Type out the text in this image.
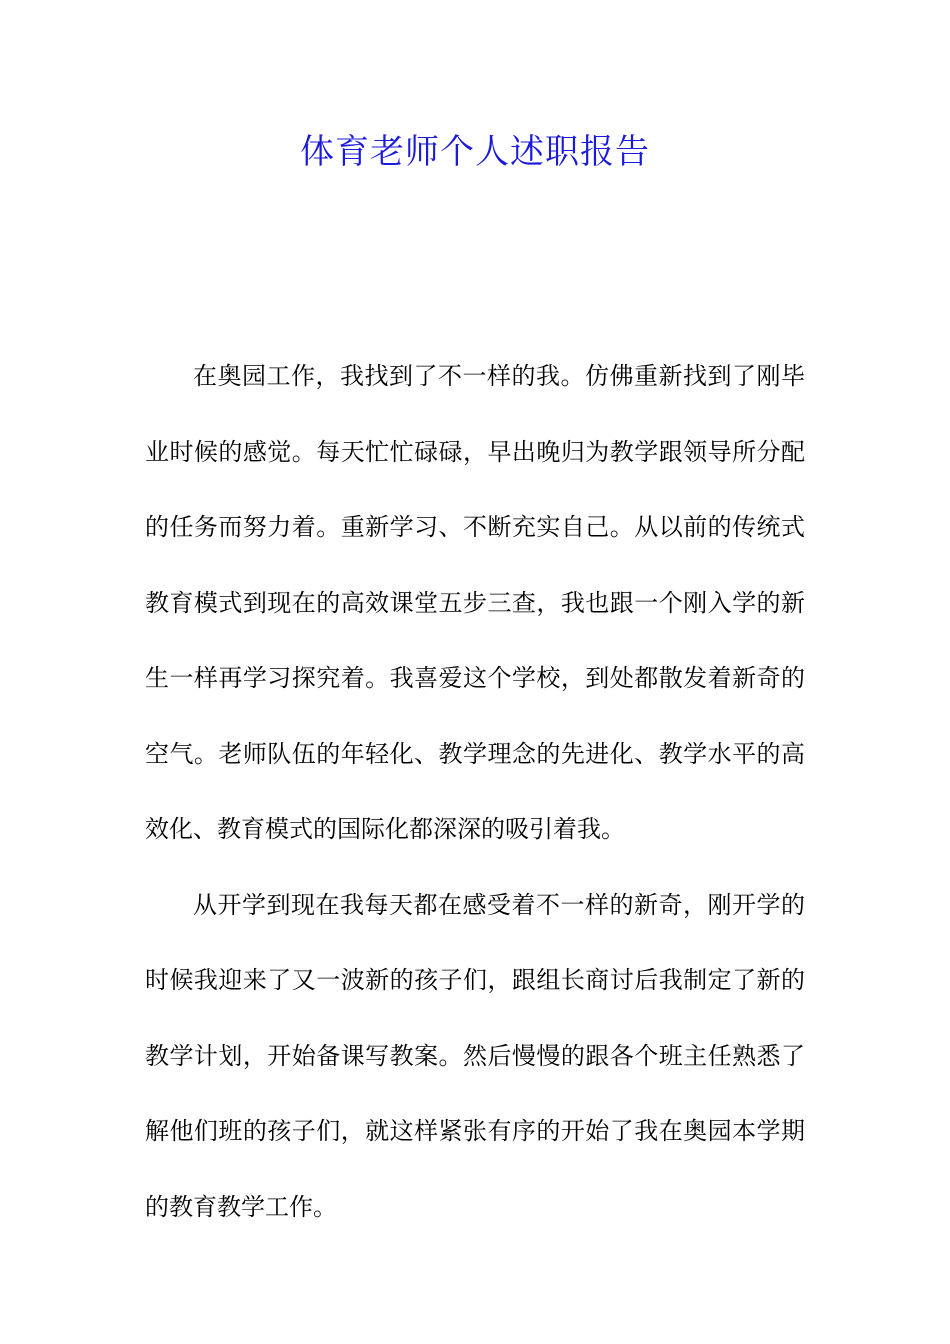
体育老师个人述职报告

在奥园工作，我找到了不一样的我。仿佛重新找到了刚毕业时候的感觉。每天忙忙碌碌，早出晚归为教学跟领导所分配的任务而努力着。重新学习、不断充实自己。从以前的传统式教育模式到现在的高效课堂五步三查，我也跟一个刚入学的新生一样再学习探究着。我喜爱这个学校，到处都散发着新奇的空气。老师队伍的年轻化、教学理念的先进化、教学水平的高效化、教育模式的国际化都深深的吸引着我。

从开学到现在我每天都在感受着不一样的新奇，刚开学的时候我迎来了又一波新的孩子们，跟组长商讨后我制定了新的教学计划，开始备课写教案。然后慢慢的跟各个班主任熟悉了解他们班的孩子们，就这样紧张有序的开始了我在奥园本学期的教育教学工作。
